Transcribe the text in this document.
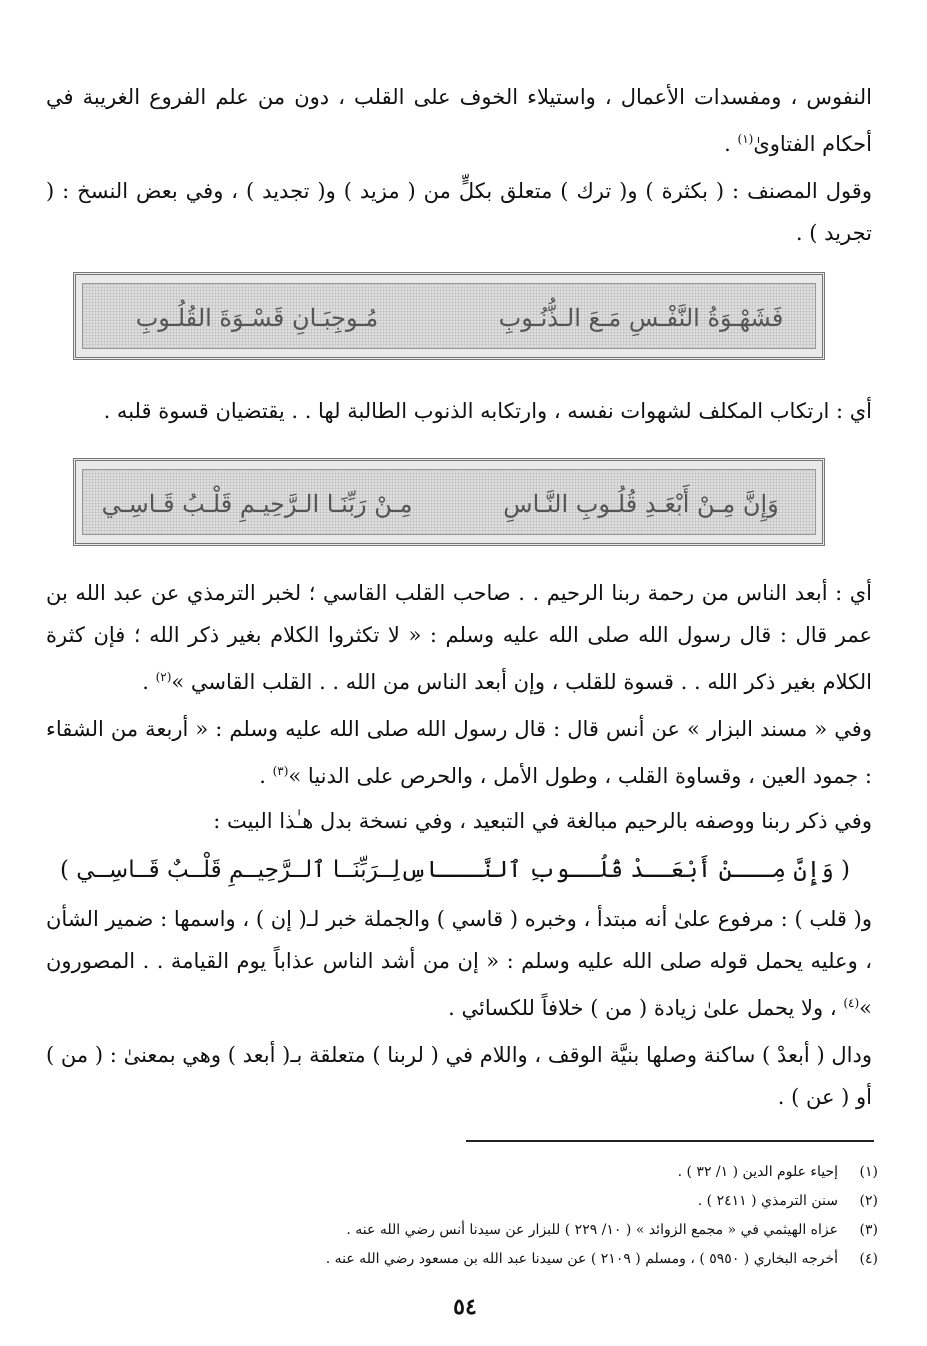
النفوس ، ومفسدات الأعمال ، واستيلاء الخوف على القلب ، دون من علم الفروع الغريبة في أحكام الفتاوىٰ$^{(١)}$ .
وقول المصنف : ( بكثرة ) و( ترك ) متعلق بكلٍّ من ( مزيد ) و( تجديد ) ، وفي بعض النسخ : ( تجريد ) .
فَشَهْـوَةُ النَّفْـسِ مَـعَ الـذُّنُـوبِ
مُـوجِبَـانِ قَسْـوَةَ القُلُـوبِ
أي : ارتكاب المكلف لشهوات نفسه ، وارتكابه الذنوب الطالبة لها . . يقتضيان قسوة قلبه .
وَإِنَّ مِـنْ أَبْعَـدِ قُلُـوبِ النَّـاسِ
مِـنْ رَبِّنَـا الـرَّحِيـمِ قَلْـبُ قَـاسِـي
أي : أبعد الناس من رحمة ربنا الرحيم . . صاحب القلب القاسي ؛ لخبر الترمذي عن عبد الله بن عمر قال : قال رسول الله صلى الله عليه وسلم : « لا تكثروا الكلام بغير ذكر الله ؛ فإن كثرة الكلام بغير ذكر الله . . قسوة للقلب ، وإن أبعد الناس من الله . . القلب القاسي »$^{(٢)}$ .
وفي « مسند البزار » عن أنس قال : قال رسول الله صلى الله عليه وسلم : « أربعة من الشقاء : جمود العين ، وقساوة القلب ، وطول الأمل ، والحرص على الدنيا »$^{(٣)}$ .
وفي ذكر ربنا ووصفه بالرحيم مبالغة في التبعيد ، وفي نسخة بدل هـٰذا البيت :
( وَإِنَّ مِـــنْ أَبْعَــدْ قُلُــوبِ ٱلنَّـــاسِ
لِــرَبِّنَــا ٱلــرَّحِيــمِ قَلْــبٌ قَــاسِــي )
و( قلب ) : مرفوع علىٰ أنه مبتدأ ، وخبره ( قاسي ) والجملة خبر لـ( إن ) ، واسمها : ضمير الشأن ، وعليه يحمل قوله صلى الله عليه وسلم : « إن من أشد الناس عذاباً يوم القيامة . . المصورون »$^{(٤)}$ ، ولا يحمل علىٰ زيادة ( من ) خلافاً للكسائي .
ودال ( أبعدْ ) ساكنة وصلها بنيَّة الوقف ، واللام في ( لربنا ) متعلقة بـ( أبعد ) وهي بمعنىٰ : ( من ) أو ( عن ) .
(١)
إحياء علوم الدين ( ١/ ٣٢ ) .
(٢)
سنن الترمذي ( ٢٤١١ ) .
(٣)
عزاه الهيثمي في « مجمع الزوائد » ( ١٠/ ٢٢٩ ) للبزار عن سيدنا أنس رضي الله عنه .
(٤)
أخرجه البخاري ( ٥٩٥٠ ) ، ومسلم ( ٢١٠٩ ) عن سيدنا عبد الله بن مسعود رضي الله عنه .
٥٤
